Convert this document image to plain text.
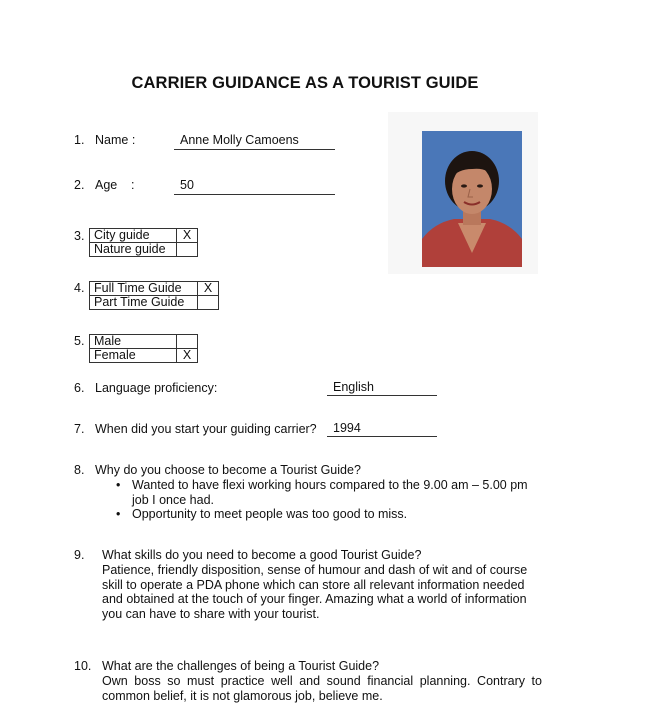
CARRIER GUIDANCE AS A TOURIST GUIDE
1. Name :	Anne Molly Camoens
2. Age :	50
3. City guide	X
Nature guide	
4. Full Time Guide	X
Part Time Guide	
5. Male	
Female	X
6. Language proficiency:	English
7. When did you start your guiding carrier?	1994
8. Why do you choose to become a Tourist Guide?
• Wanted to have flexi working hours compared to the 9.00 am – 5.00 pm
job I once had.
• Opportunity to meet people was too good to miss.
9. What skills do you need to become a good Tourist Guide?
Patience, friendly disposition, sense of humour and dash of wit and of course
skill to operate a PDA phone which can store all relevant information needed
and obtained at the touch of your finger. Amazing what a world of information
you can have to share with your tourist.
10. What are the challenges of being a Tourist Guide?
Own boss so must practice well and sound financial planning. Contrary to
common belief, it is not glamorous job, believe me.
